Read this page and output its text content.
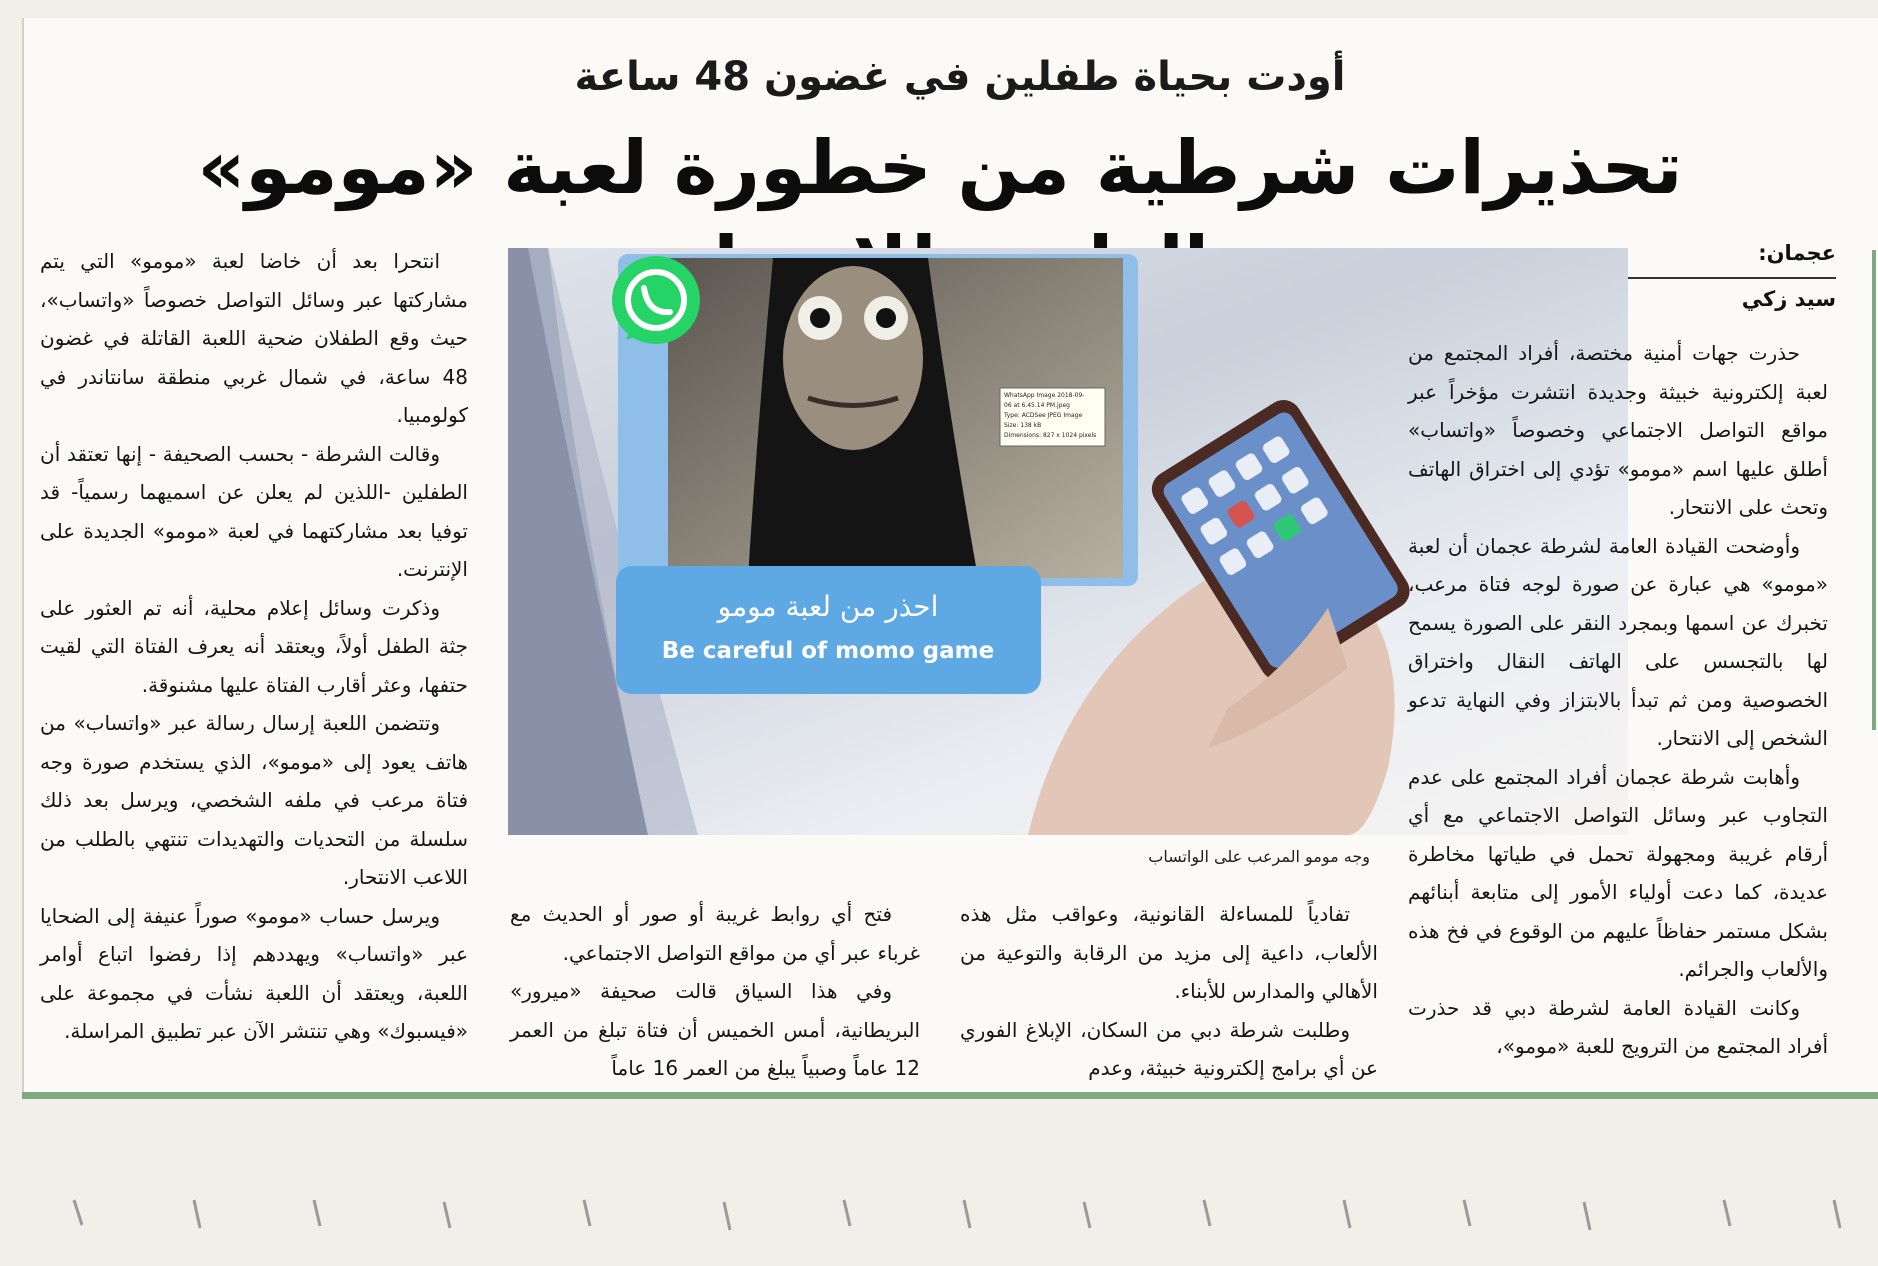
أودت بحياة طفلين في غضون 48 ساعة
تحذيرات شرطية من خطورة لعبة «مومو»
عجمان:
سيد زكي
WhatsApp Image 2018-09-
06 at 6.45.14 PM.jpeg
Type: ACDSee JPEG Image
Size: 138 kB
Dimensions: 827 x 1024 pixels
احذر من لعبة مومو
Be careful of momo game
وجه مومو المرعب على الواتساب

حذرت جهات أمنية مختصة، أفراد المجتمع من لعبة إلكترونية خبيثة وجديدة انتشرت مؤخراً عبر مواقع التواصل الاجتماعي وخصوصاً «واتساب» أطلق عليها اسم «مومو» تؤدي إلى اختراق الهاتف وتحث على الانتحار.

وأوضحت القيادة العامة لشرطة عجمان أن لعبة «مومو» هي عبارة عن صورة لوجه فتاة مرعب، تخبرك عن اسمها وبمجرد النقر على الصورة يسمح لها بالتجسس على الهاتف النقال واختراق الخصوصية ومن ثم تبدأ بالابتزاز وفي النهاية تدعو الشخص إلى الانتحار.

وأهابت شرطة عجمان أفراد المجتمع على عدم التجاوب عبر وسائل التواصل الاجتماعي مع أي أرقام غريبة ومجهولة تحمل في طياتها مخاطرة عديدة، كما دعت أولياء الأمور إلى متابعة أبنائهم بشكل مستمر حفاظاً عليهم من الوقوع في فخ هذه والألعاب والجرائم.

وكانت القيادة العامة لشرطة دبي قد حذرت أفراد المجتمع من الترويج للعبة «مومو»،

تفادياً للمساءلة القانونية، وعواقب مثل هذه الألعاب، داعية إلى مزيد من الرقابة والتوعية من الأهالي والمدارس للأبناء.

وطلبت شرطة دبي من السكان، الإبلاغ الفوري عن أي برامج إلكترونية خبيثة، وعدم

فتح أي روابط غريبة أو صور أو الحديث مع غرباء عبر أي من مواقع التواصل الاجتماعي.

وفي هذا السياق قالت صحيفة «ميرور» البريطانية، أمس الخميس أن فتاة تبلغ من العمر 12 عاماً وصبياً يبلغ من العمر 16 عاماً

انتحرا بعد أن خاضا لعبة «مومو» التي يتم مشاركتها عبر وسائل التواصل خصوصاً «واتساب»، حيث وقع الطفلان ضحية اللعبة القاتلة في غضون 48 ساعة، في شمال غربي منطقة سانتاندر في كولومبيا.

وقالت الشرطة - بحسب الصحيفة - إنها تعتقد أن الطفلين -اللذين لم يعلن عن اسميهما رسمياً- قد توفيا بعد مشاركتهما في لعبة «مومو» الجديدة على الإنترنت.

وذكرت وسائل إعلام محلية، أنه تم العثور على جثة الطفل أولاً، ويعتقد أنه يعرف الفتاة التي لقيت حتفها، وعثر أقارب الفتاة عليها مشنوقة.

وتتضمن اللعبة إرسال رسالة عبر «واتساب» من هاتف يعود إلى «مومو»، الذي يستخدم صورة وجه فتاة مرعب في ملفه الشخصي، ويرسل بعد ذلك سلسلة من التحديات والتهديدات تنتهي بالطلب من اللاعب الانتحار.

ويرسل حساب «مومو» صوراً عنيفة إلى الضحايا عبر «واتساب» ويهددهم إذا رفضوا اتباع أوامر اللعبة، ويعتقد أن اللعبة نشأت في مجموعة على «فيسبوك» وهي تنتشر الآن عبر تطبيق المراسلة.
